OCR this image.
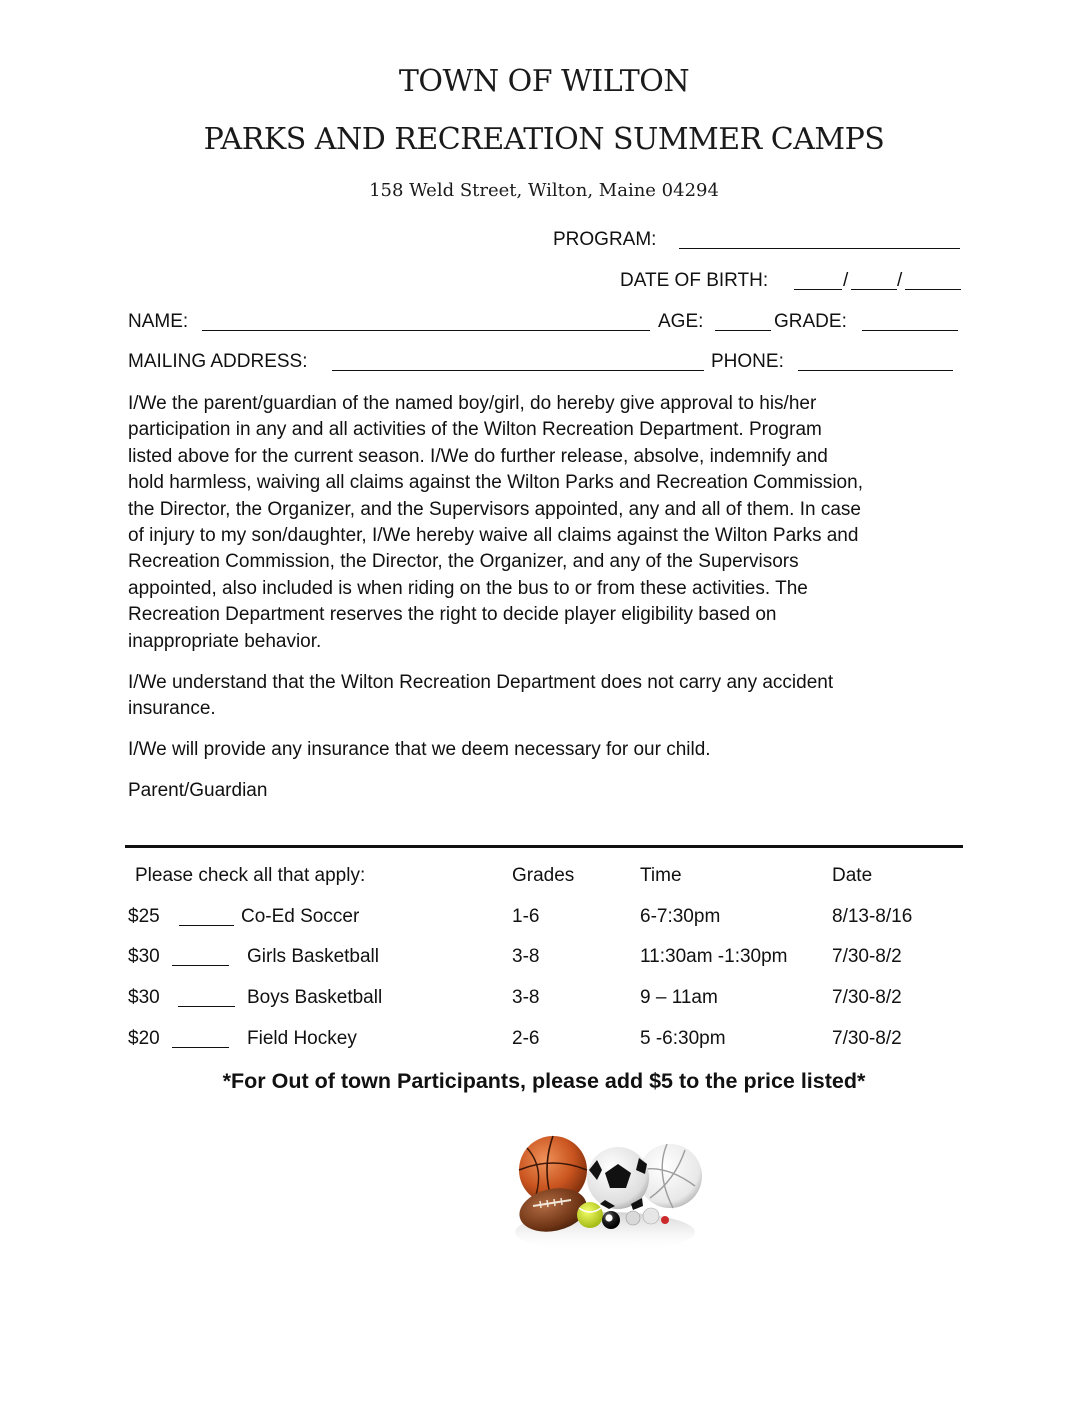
TOWN OF WILTON
PARKS AND RECREATION SUMMER CAMPS
158 Weld Street, Wilton, Maine 04294
PROGRAM:
DATE OF BIRTH:	/	/
NAME:	AGE:	GRADE:
MAILING ADDRESS:	PHONE:
I/We the parent/guardian of the named boy/girl, do hereby give approval to his/her
participation in any and all activities of the Wilton Recreation Department. Program
listed above for the current season. I/We do further release, absolve, indemnify and
hold harmless, waiving all claims against the Wilton Parks and Recreation Commission,
the Director, the Organizer, and the Supervisors appointed, any and all of them. In case
of injury to my son/daughter, I/We hereby waive all claims against the Wilton Parks and
Recreation Commission, the Director, the Organizer, and any of the Supervisors
appointed, also included is when riding on the bus to or from these activities. The
Recreation Department reserves the right to decide player eligibility based on
inappropriate behavior.
I/We understand that the Wilton Recreation Department does not carry any accident
insurance.
I/We will provide any insurance that we deem necessary for our child.
Parent/Guardian
Please check all that apply:	Grades	Time	Date
$25	Co-Ed Soccer	1-6	6-7:30pm	8/13-8/16
$30	Girls Basketball	3-8	11:30am -1:30pm 7/30-8/2
$30	Boys Basketball	3-8	9 – 11am	7/30-8/2
$20	Field Hockey	2-6	5 -6:30pm	7/30-8/2
*For Out of town Participants, please add $5 to the price listed*
